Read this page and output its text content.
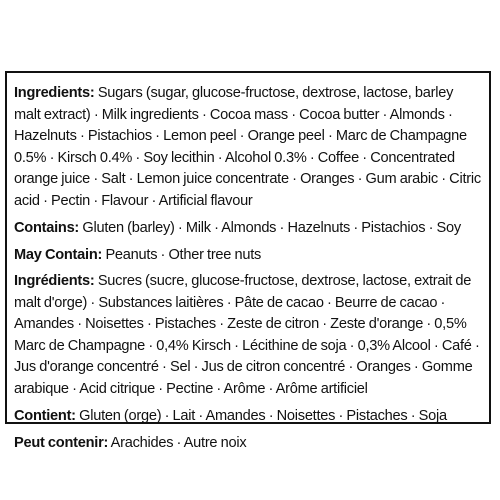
Ingredients: Sugars (sugar, glucose-fructose, dextrose, lactose, barley malt extract) · Milk ingredients · Cocoa mass · Cocoa butter · Almonds · Hazelnuts · Pistachios · Lemon peel · Orange peel · Marc de Champagne 0.5% · Kirsch 0.4% · Soy lecithin · Alcohol 0.3% · Coffee · Concentrated orange juice · Salt · Lemon juice concentrate · Oranges · Gum arabic · Citric acid · Pectin · Flavour · Artificial flavour

Contains: Gluten (barley) · Milk · Almonds · Hazelnuts · Pistachios · Soy

May Contain: Peanuts · Other tree nuts

Ingrédients: Sucres (sucre, glucose-fructose, dextrose, lactose, extrait de malt d'orge) · Substances laitières · Pâte de cacao · Beurre de cacao · Amandes · Noisettes · Pistaches · Zeste de citron · Zeste d'orange · 0,5% Marc de Champagne · 0,4% Kirsch · Lécithine de soja · 0,3% Alcool · Café · Jus d'orange concentré · Sel · Jus de citron concentré · Oranges · Gomme arabique · Acid citrique · Pectine · Arôme · Arôme artificiel

Contient: Gluten (orge) · Lait · Amandes · Noisettes · Pistaches · Soja

Peut contenir: Arachides · Autre noix
